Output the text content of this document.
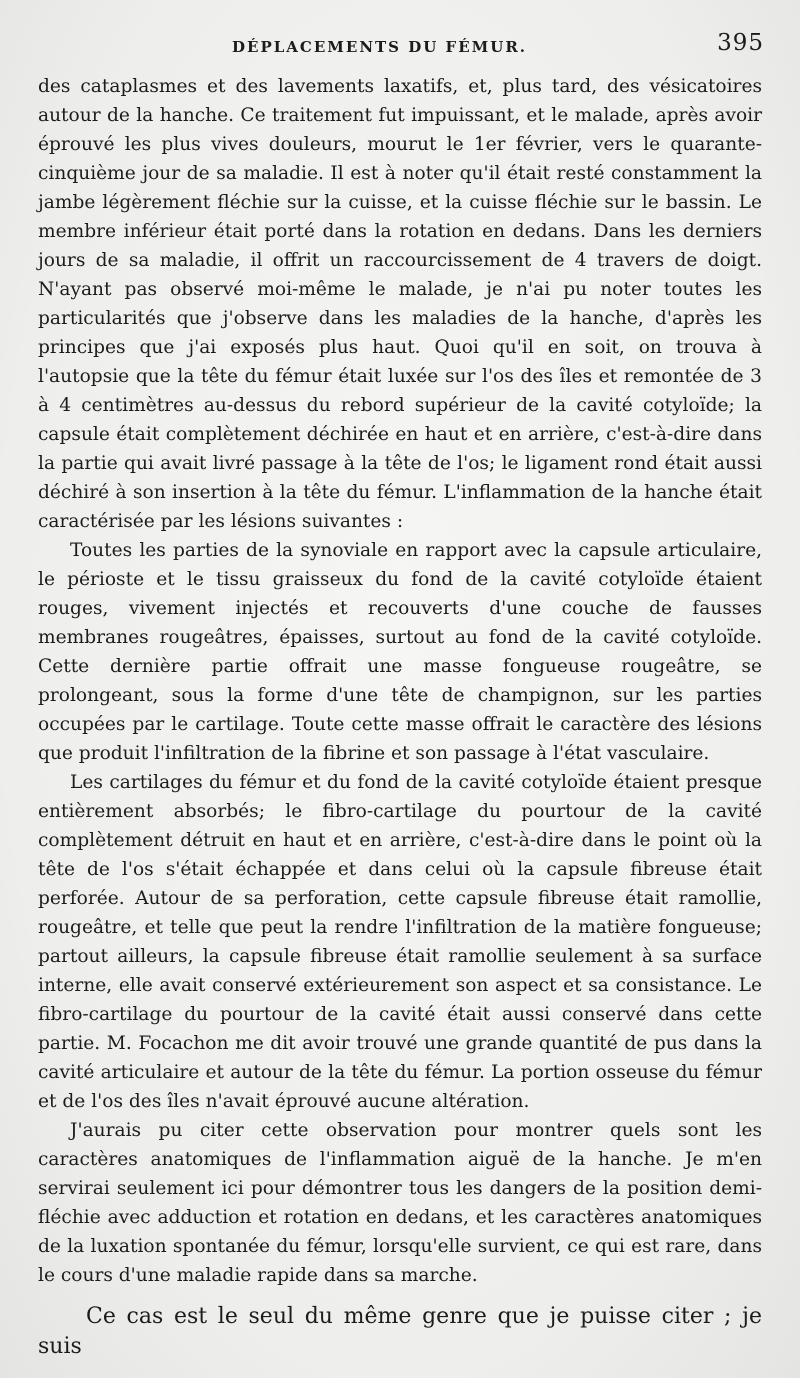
DÉPLACEMENTS DU FÉMUR.	395

des cataplasmes et des lavements laxatifs, et, plus tard, des vésicatoires autour de la hanche. Ce traitement fut impuissant, et le malade, après avoir éprouvé les plus vives douleurs, mourut le 1er février, vers le quarante-cinquième jour de sa maladie. Il est à noter qu'il était resté constamment la jambe légèrement fléchie sur la cuisse, et la cuisse fléchie sur le bassin. Le membre inférieur était porté dans la rotation en dedans. Dans les derniers jours de sa maladie, il offrit un raccourcissement de 4 travers de doigt. N'ayant pas observé moi-même le malade, je n'ai pu noter toutes les particularités que j'observe dans les maladies de la hanche, d'après les principes que j'ai exposés plus haut. Quoi qu'il en soit, on trouva à l'autopsie que la tête du fémur était luxée sur l'os des îles et remontée de 3 à 4 centimètres au-dessus du rebord supérieur de la cavité cotyloïde; la capsule était complètement déchirée en haut et en arrière, c'est-à-dire dans la partie qui avait livré passage à la tête de l'os; le ligament rond était aussi déchiré à son insertion à la tête du fémur. L'inflammation de la hanche était caractérisée par les lésions suivantes :

Toutes les parties de la synoviale en rapport avec la capsule articulaire, le périoste et le tissu graisseux du fond de la cavité cotyloïde étaient rouges, vivement injectés et recouverts d'une couche de fausses membranes rougeâtres, épaisses, surtout au fond de la cavité cotyloïde. Cette dernière partie offrait une masse fongueuse rougeâtre, se prolongeant, sous la forme d'une tête de champignon, sur les parties occupées par le cartilage. Toute cette masse offrait le caractère des lésions que produit l'infiltration de la fibrine et son passage à l'état vasculaire.

Les cartilages du fémur et du fond de la cavité cotyloïde étaient presque entièrement absorbés; le fibro-cartilage du pourtour de la cavité complètement détruit en haut et en arrière, c'est-à-dire dans le point où la tête de l'os s'était échappée et dans celui où la capsule fibreuse était perforée. Autour de sa perforation, cette capsule fibreuse était ramollie, rougeâtre, et telle que peut la rendre l'infiltration de la matière fongueuse; partout ailleurs, la capsule fibreuse était ramollie seulement à sa surface interne, elle avait conservé extérieurement son aspect et sa consistance. Le fibro-cartilage du pourtour de la cavité était aussi conservé dans cette partie. M. Focachon me dit avoir trouvé une grande quantité de pus dans la cavité articulaire et autour de la tête du fémur. La portion osseuse du fémur et de l'os des îles n'avait éprouvé aucune altération.

J'aurais pu citer cette observation pour montrer quels sont les caractères anatomiques de l'inflammation aiguë de la hanche. Je m'en servirai seulement ici pour démontrer tous les dangers de la position demi-fléchie avec adduction et rotation en dedans, et les caractères anatomiques de la luxation spontanée du fémur, lorsqu'elle survient, ce qui est rare, dans le cours d'une maladie rapide dans sa marche.

Ce cas est le seul du même genre que je puisse citer ; je suis
